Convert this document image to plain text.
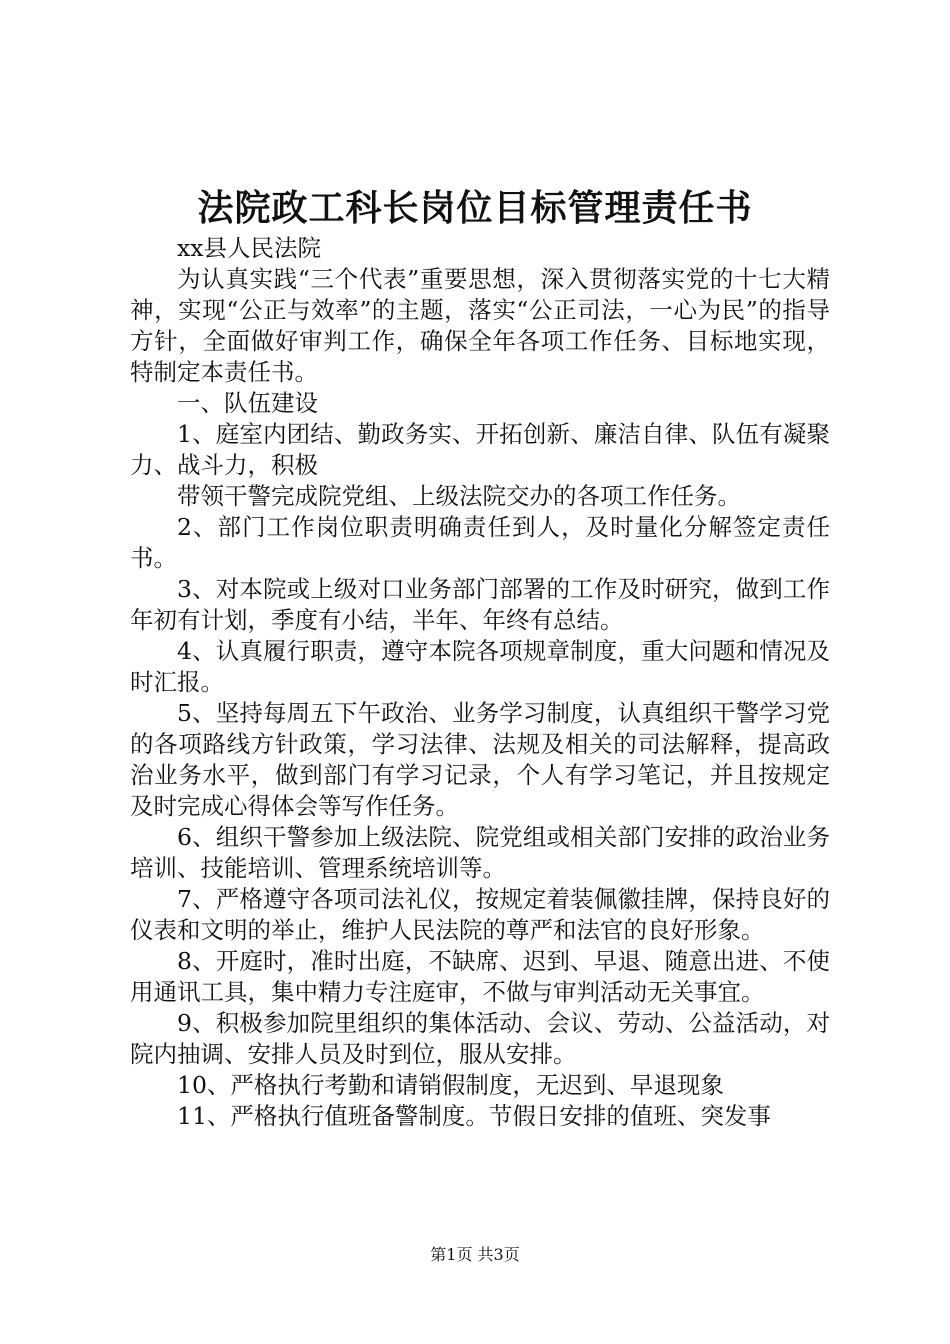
法院政工科长岗位目标管理责任书

xx县人民法院

为认真实践“三个代表”重要思想，深入贯彻落实党的十七大精神，实现“公正与效率”的主题，落实“公正司法，一心为民”的指导方针，全面做好审判工作，确保全年各项工作任务、目标地实现，特制定本责任书。

一、队伍建设

1、庭室内团结、勤政务实、开拓创新、廉洁自律、队伍有凝聚力、战斗力，积极

带领干警完成院党组、上级法院交办的各项工作任务。

2、部门工作岗位职责明确责任到人，及时量化分解签定责任书。

3、对本院或上级对口业务部门部署的工作及时研究，做到工作年初有计划，季度有小结，半年、年终有总结。

4、认真履行职责，遵守本院各项规章制度，重大问题和情况及时汇报。

5、坚持每周五下午政治、业务学习制度，认真组织干警学习党的各项路线方针政策，学习法律、法规及相关的司法解释，提高政治业务水平，做到部门有学习记录，个人有学习笔记，并且按规定及时完成心得体会等写作任务。

6、组织干警参加上级法院、院党组或相关部门安排的政治业务培训、技能培训、管理系统培训等。

7、严格遵守各项司法礼仪，按规定着装佩徽挂牌，保持良好的仪表和文明的举止，维护人民法院的尊严和法官的良好形象。

8、开庭时，准时出庭，不缺席、迟到、早退、随意出进、不使用通讯工具，集中精力专注庭审，不做与审判活动无关事宜。

9、积极参加院里组织的集体活动、会议、劳动、公益活动，对院内抽调、安排人员及时到位，服从安排。

10、严格执行考勤和请销假制度，无迟到、早退现象

11、严格执行值班备警制度。节假日安排的值班、突发事

第1页 共3页
